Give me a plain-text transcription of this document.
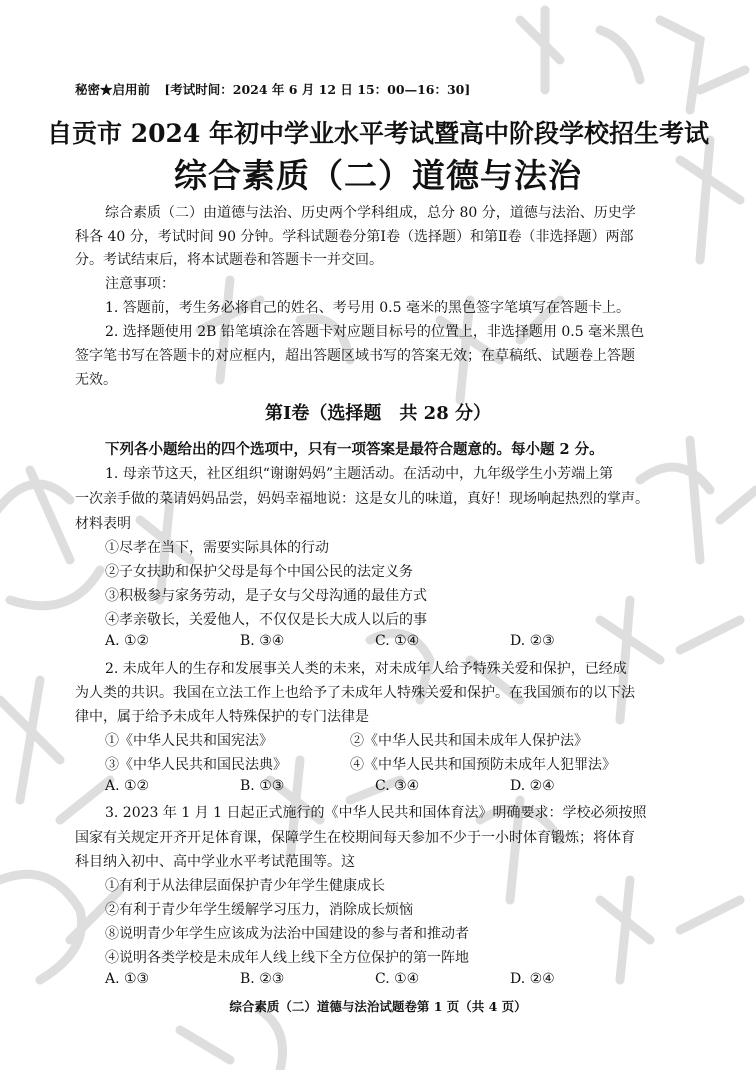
秘密★启用前 [考试时间：2024 年 6 月 12 日 15：00—16：30]
自贡市 2024 年初中学业水平考试暨高中阶段学校招生考试
综合素质（二）道德与法治
综合素质（二）由道德与法治、历史两个学科组成，总分 80 分，道德与法治、历史学
科各 40 分，考试时间 90 分钟。学科试题卷分第Ⅰ卷（选择题）和第Ⅱ卷（非选择题）两部
分。考试结束后，将本试题卷和答题卡一并交回。
注意事项：
1. 答题前，考生务必将自己的姓名、考号用 0.5 毫米的黑色签字笔填写在答题卡上。
2. 选择题使用 2B 铅笔填涂在答题卡对应题目标号的位置上，非选择题用 0.5 毫米黑色
签字笔书写在答题卡的对应框内，超出答题区域书写的答案无效；在草稿纸、试题卷上答题
无效。
第Ⅰ卷（选择题　共 28 分）
下列各小题给出的四个选项中，只有一项答案是最符合题意的。每小题 2 分。
1. 母亲节这天，社区组织“谢谢妈妈”主题活动。在活动中，九年级学生小芳端上第
一次亲手做的菜请妈妈品尝，妈妈幸福地说：这是女儿的味道，真好！现场响起热烈的掌声。
材料表明
①尽孝在当下，需要实际具体的行动
②子女扶助和保护父母是每个中国公民的法定义务
③积极参与家务劳动，是子女与父母沟通的最佳方式
④孝亲敬长，关爱他人，不仅仅是长大成人以后的事
A. ①②	B. ③④	C. ①④	D. ②③
2. 未成年人的生存和发展事关人类的未来，对未成年人给予特殊关爱和保护，已经成
为人类的共识。我国在立法工作上也给予了未成年人特殊关爱和保护。在我国颁布的以下法
律中，属于给予未成年人特殊保护的专门法律是
①《中华人民共和国宪法》	②《中华人民共和国未成年人保护法》
③《中华人民共和国民法典》	④《中华人民共和国预防未成年人犯罪法》
A. ①②	B. ①③	C. ③④	D. ②④
3. 2023 年 1 月 1 日起正式施行的《中华人民共和国体育法》明确要求：学校必须按照
国家有关规定开齐开足体育课，保障学生在校期间每天参加不少于一小时体育锻炼；将体育
科目纳入初中、高中学业水平考试范围等。这
①有利于从法律层面保护青少年学生健康成长
②有利于青少年学生缓解学习压力，消除成长烦恼
⑧说明青少年学生应该成为法治中国建设的参与者和推动者
④说明各类学校是未成年人线上线下全方位保护的第一阵地
A. ①③	B. ②③	C. ①④	D. ②④
综合素质（二）道德与法治试题卷第 1 页（共 4 页）
